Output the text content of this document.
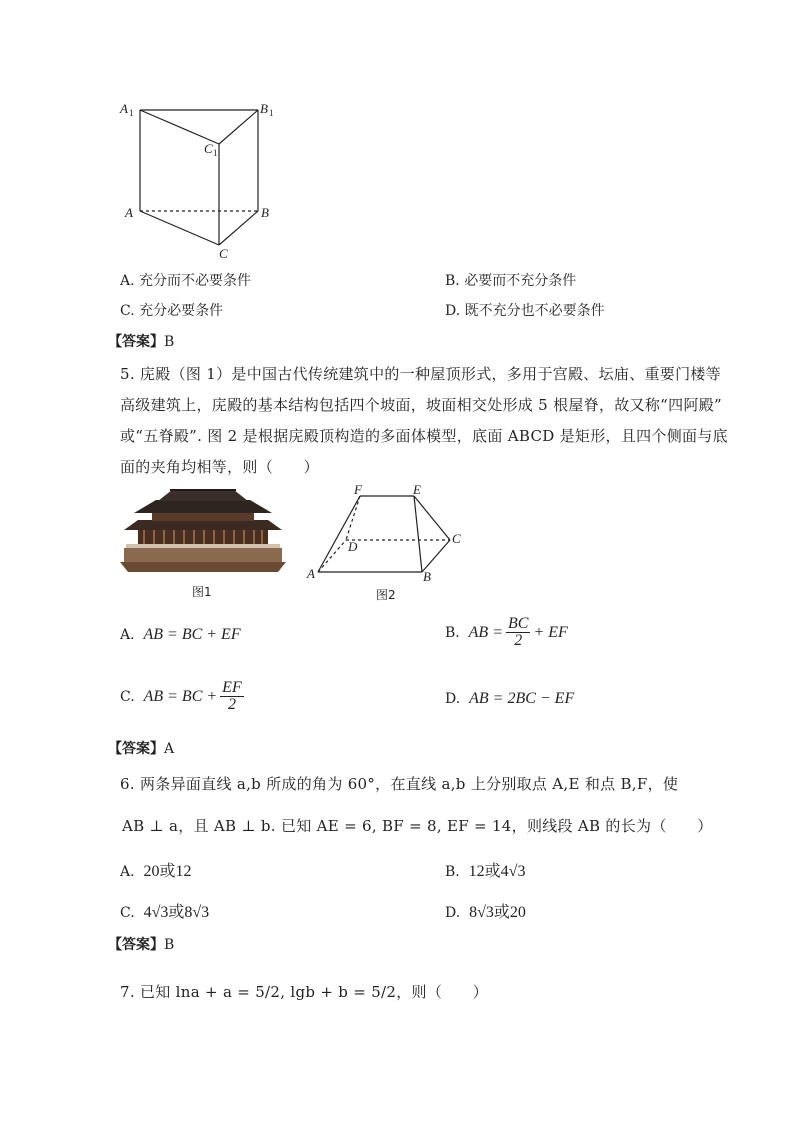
A 1	B 1
C 1
A	B
C
A. 充分而不必要条件	B. 必要而不充分条件
C. 充分必要条件	D. 既不充分也不必要条件
【答案】B
5. 庑殿（图 1）是中国古代传统建筑中的一种屋顶形式，多用于宫殿、坛庙、重要门楼等
高级建筑上，庑殿的基本结构包括四个坡面，坡面相交处形成 5 根屋脊，故又称“四阿殿”
或“五脊殿”. 图 2 是根据庑殿顶构造的多面体模型，底面 ABCD 是矩形，且四个侧面与底
面的夹角均相等，则（　　）
图1
F	E
D
C
A	B
图2
A. AB = BC + EF	B.
AB = $\frac{BC}{2}$ + EF
C.
AB = BC + $\frac{EF}{2}$	D. AB = 2BC − EF
【答案】A
6. 两条异面直线 a,b 所成的角为 60°，在直线 a,b 上分别取点 A,E 和点 B,F，使
AB ⊥ a，且 AB ⊥ b. 已知 AE = 6, BF = 8, EF = 14，则线段 AB 的长为（　　）
A. 20或12	B. 12或4√3
C. 4√3或8√3	D. 8√3或20
【答案】B
7. 已知 lna + a = 5/2, lgb + b = 5/2，则（　　）
